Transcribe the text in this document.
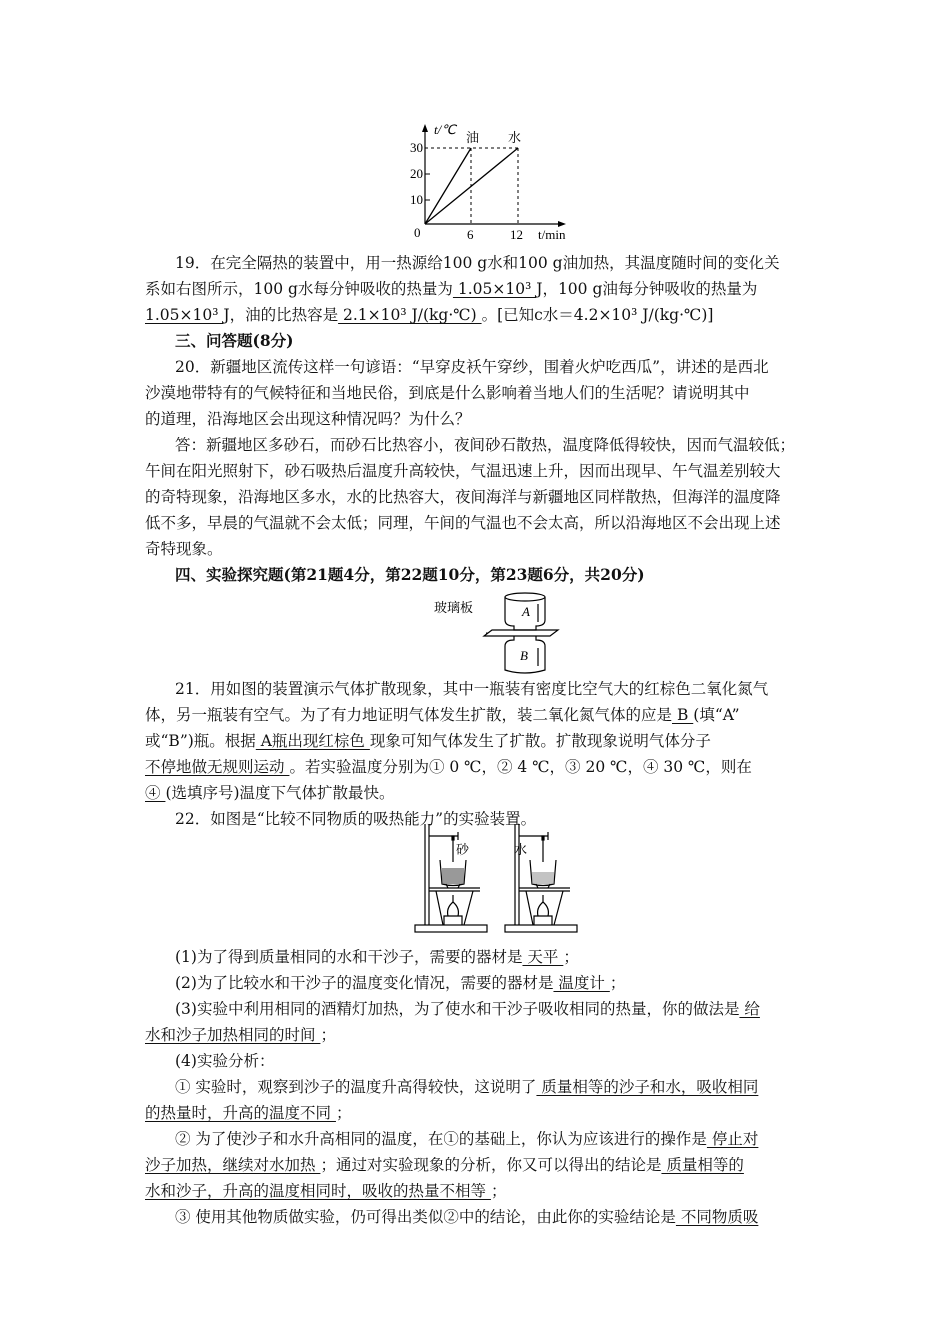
t/℃
t/min
0
10
20
30
6	12
油 水
19．在完全隔热的装置中，用一热源给100 g水和100 g油加热，其温度随时间的变化关
系如右图所示，100 g水每分钟吸收的热量为 1.05×10³ J，100 g油每分钟吸收的热量为
1.05×10³ J，油的比热容是 2.1×10³ J/(kg·℃) 。[已知c水＝4.2×10³ J/(kg·℃)]
三、问答题(8分)
20．新疆地区流传这样一句谚语：“早穿皮袄午穿纱，围着火炉吃西瓜”，讲述的是西北
沙漠地带特有的气候特征和当地民俗，到底是什么影响着当地人们的生活呢？请说明其中
的道理，沿海地区会出现这种情况吗？为什么？
答：新疆地区多砂石，而砂石比热容小，夜间砂石散热，温度降低得较快，因而气温较低；
午间在阳光照射下，砂石吸热后温度升高较快，气温迅速上升，因而出现早、午气温差别较大
的奇特现象，沿海地区多水，水的比热容大，夜间海洋与新疆地区同样散热，但海洋的温度降
低不多，早晨的气温就不会太低；同理，午间的气温也不会太高，所以沿海地区不会出现上述
奇特现象。
四、实验探究题(第21题4分，第22题10分，第23题6分，共20分)
玻璃板	A
B
21．用如图的装置演示气体扩散现象，其中一瓶装有密度比空气大的红棕色二氧化氮气
体，另一瓶装有空气。为了有力地证明气体发生扩散，装二氧化氮气体的应是 B (填“A”
或“B”)瓶。根据 A瓶出现红棕色 现象可知气体发生了扩散。扩散现象说明气体分子
不停地做无规则运动 。若实验温度分别为① 0 ℃，② 4 ℃，③ 20 ℃，④ 30 ℃，则在
④ (选填序号)温度下气体扩散最快。
22．如图是“比较不同物质的吸热能力”的实验装置。
砂	水
(1)为了得到质量相同的水和干沙子，需要的器材是 天平 ；
(2)为了比较水和干沙子的温度变化情况，需要的器材是 温度计 ；
(3)实验中利用相同的酒精灯加热，为了使水和干沙子吸收相同的热量，你的做法是 给
水和沙子加热相同的时间 ；
(4)实验分析：
① 实验时，观察到沙子的温度升高得较快，这说明了 质量相等的沙子和水，吸收相同
的热量时，升高的温度不同 ；
② 为了使沙子和水升高相同的温度，在①的基础上，你认为应该进行的操作是 停止对
沙子加热，继续对水加热 ；通过对实验现象的分析，你又可以得出的结论是 质量相等的
水和沙子，升高的温度相同时，吸收的热量不相等 ；
③ 使用其他物质做实验，仍可得出类似②中的结论，由此你的实验结论是 不同物质吸
